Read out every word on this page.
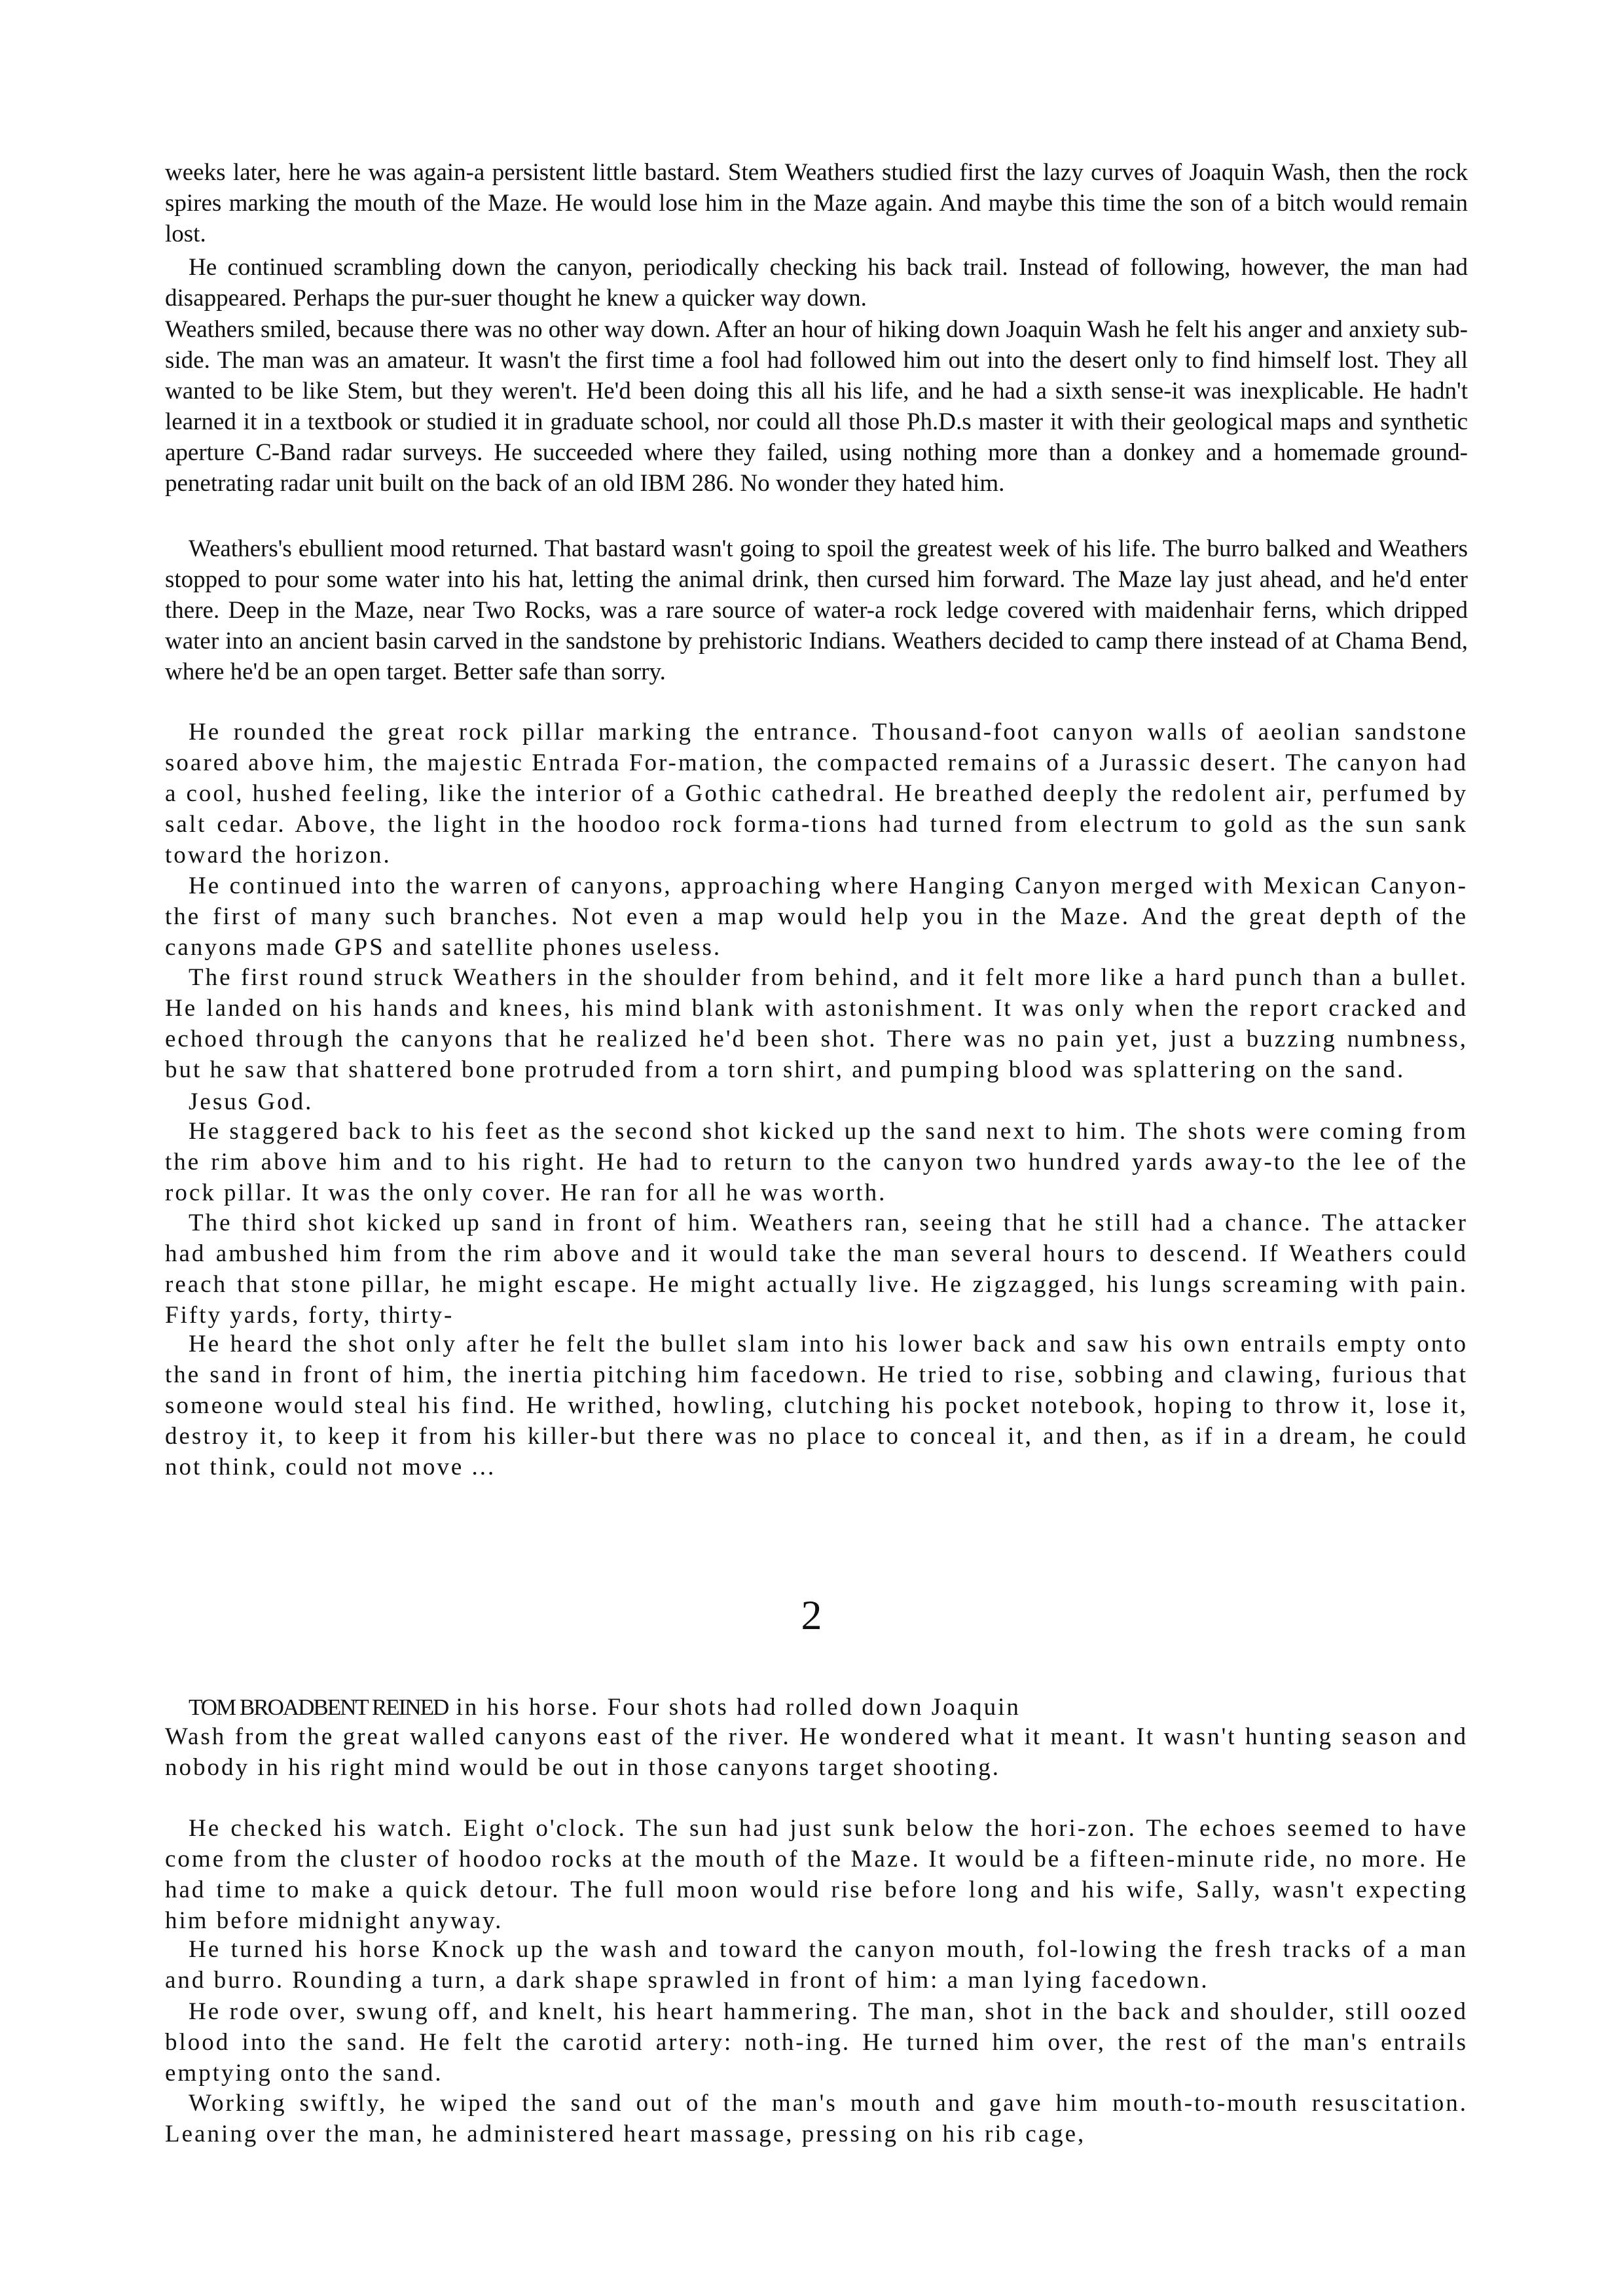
weeks later, here he was again-a persistent little bastard. Stem Weathers studied first the lazy curves of Joaquin Wash, then the rock spires marking the mouth of the Maze. He would lose him in the Maze again. And maybe this time the son of a bitch would remain lost.

He continued scrambling down the canyon, periodically checking his back trail. Instead of following, however, the man had disappeared. Perhaps the pur-suer thought he knew a quicker way down.

Weathers smiled, because there was no other way down. After an hour of hiking down Joaquin Wash he felt his anger and anxiety sub-side. The man was an amateur. It wasn't the first time a fool had followed him out into the desert only to find himself lost. They all wanted to be like Stem, but they weren't. He'd been doing this all his life, and he had a sixth sense-it was inexplicable. He hadn't learned it in a textbook or studied it in graduate school, nor could all those Ph.D.s master it with their geological maps and synthetic aperture C-Band radar surveys. He succeeded where they failed, using nothing more than a donkey and a homemade ground-penetrating radar unit built on the back of an old IBM 286. No wonder they hated him.

Weathers's ebullient mood returned. That bastard wasn't going to spoil the greatest week of his life. The burro balked and Weathers stopped to pour some water into his hat, letting the animal drink, then cursed him forward. The Maze lay just ahead, and he'd enter there. Deep in the Maze, near Two Rocks, was a rare source of water-a rock ledge covered with maidenhair ferns, which dripped water into an ancient basin carved in the sandstone by prehistoric Indians. Weathers decided to camp there instead of at Chama Bend, where he'd be an open target. Better safe than sorry.

He rounded the great rock pillar marking the entrance. Thousand-foot canyon walls of aeolian sandstone soared above him, the majestic Entrada For-mation, the compacted remains of a Jurassic desert. The canyon had a cool, hushed feeling, like the interior of a Gothic cathedral. He breathed deeply the redolent air, perfumed by salt cedar. Above, the light in the hoodoo rock forma-tions had turned from electrum to gold as the sun sank toward the horizon.

He continued into the warren of canyons, approaching where Hanging Canyon merged with Mexican Canyon-the first of many such branches. Not even a map would help you in the Maze. And the great depth of the canyons made GPS and satellite phones useless.

The first round struck Weathers in the shoulder from behind, and it felt more like a hard punch than a bullet. He landed on his hands and knees, his mind blank with astonishment. It was only when the report cracked and echoed through the canyons that he realized he'd been shot. There was no pain yet, just a buzzing numbness, but he saw that shattered bone protruded from a torn shirt, and pumping blood was splattering on the sand.

Jesus God.

He staggered back to his feet as the second shot kicked up the sand next to him. The shots were coming from the rim above him and to his right. He had to return to the canyon two hundred yards away-to the lee of the rock pillar. It was the only cover. He ran for all he was worth.

The third shot kicked up sand in front of him. Weathers ran, seeing that he still had a chance. The attacker had ambushed him from the rim above and it would take the man several hours to descend. If Weathers could reach that stone pillar, he might escape. He might actually live. He zigzagged, his lungs screaming with pain. Fifty yards, forty, thirty-

He heard the shot only after he felt the bullet slam into his lower back and saw his own entrails empty onto the sand in front of him, the inertia pitching him facedown. He tried to rise, sobbing and clawing, furious that someone would steal his find. He writhed, howling, clutching his pocket notebook, hoping to throw it, lose it, destroy it, to keep it from his killer-but there was no place to conceal it, and then, as if in a dream, he could not think, could not move ...

2

TOM BROADBENT REINED in his horse. Four shots had rolled down Joaquin

Wash from the great walled canyons east of the river. He wondered what it meant. It wasn't hunting season and nobody in his right mind would be out in those canyons target shooting.

He checked his watch. Eight o'clock. The sun had just sunk below the hori-zon. The echoes seemed to have come from the cluster of hoodoo rocks at the mouth of the Maze. It would be a fifteen-minute ride, no more. He had time to make a quick detour. The full moon would rise before long and his wife, Sally, wasn't expecting him before midnight anyway.

He turned his horse Knock up the wash and toward the canyon mouth, fol-lowing the fresh tracks of a man and burro. Rounding a turn, a dark shape sprawled in front of him: a man lying facedown.

He rode over, swung off, and knelt, his heart hammering. The man, shot in the back and shoulder, still oozed blood into the sand. He felt the carotid artery: noth-ing. He turned him over, the rest of the man's entrails emptying onto the sand.

Working swiftly, he wiped the sand out of the man's mouth and gave him mouth-to-mouth resuscitation. Leaning over the man, he administered heart massage, pressing on his rib cage,
